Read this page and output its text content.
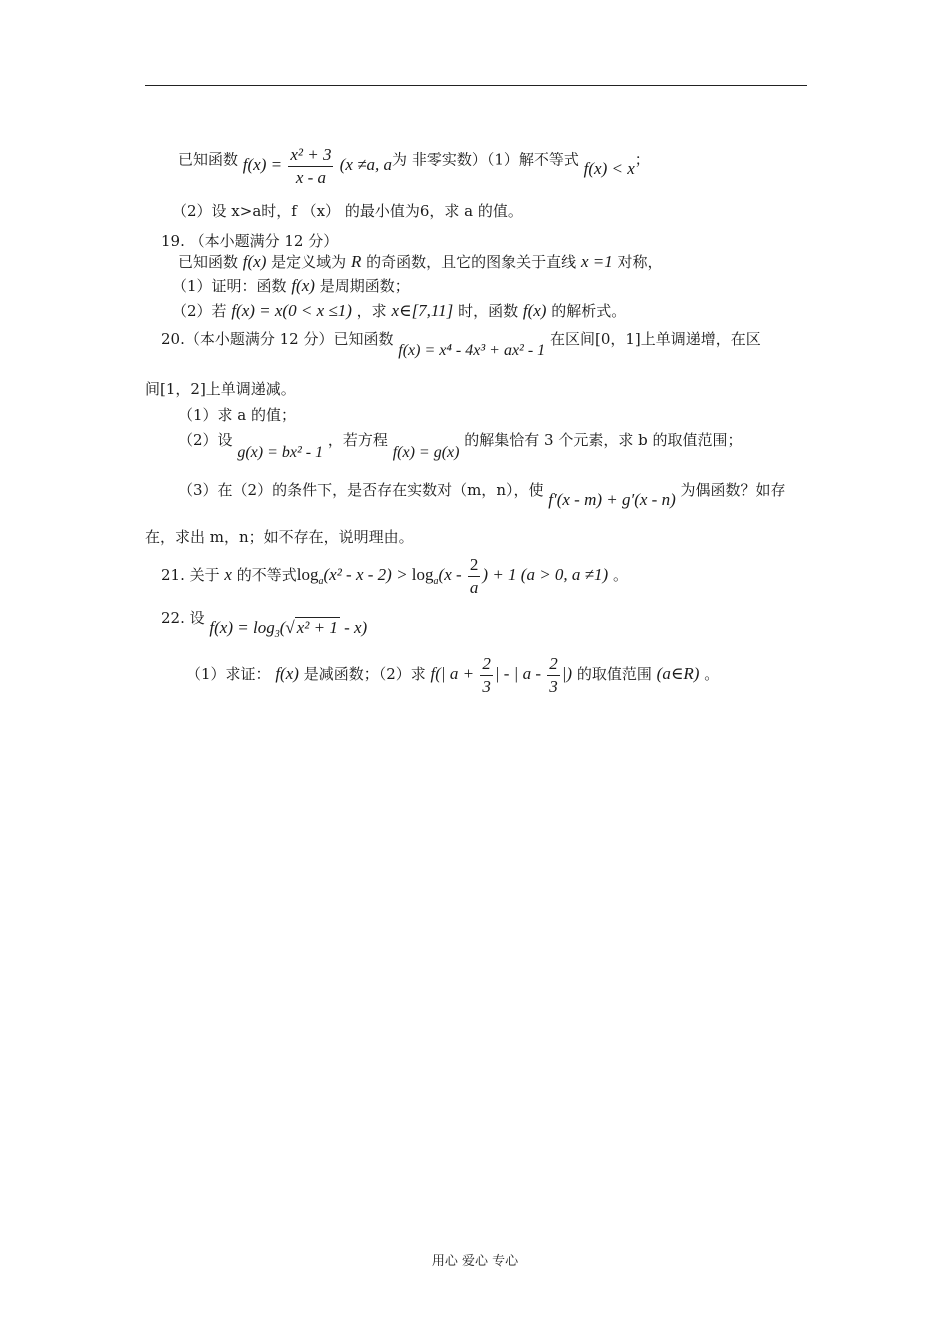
已知函数 $f(x) = \frac{\text{x² + 3}}{x - a} (x \ne a$, a为 非零实数）（1）解不等式 f(x) < x；
（2）设 x>a时，f （x） 的最小值为6，求 a 的值。
19. （本小题满分 12 分）
已知函数 f(x) 是定义域为 R 的奇函数，且它的图象关于直线 x =1 对称，
（1）证明：函数 f(x) 是周期函数；
（2）若 f(x) = x(0 < x ≤1) ，求 x∈[7,11] 时，函数 f(x) 的解析式。
20.（本小题满分 12 分）已知函数 f(x) = x⁴ - 4x³ + ax² - 1 在区间[0，1]上单调递增，在区
间[1，2]上单调递减。
（1）求 a 的值；
（2）设 g(x) = bx² - 1 ，若方程 f(x) = g(x) 的解集恰有 3 个元素，求 b 的取值范围；
（3）在（2）的条件下，是否存在实数对（m，n），使 f′(x - m) + g′(x - n) 为偶函数？如存
在，求出 m，n；如不存在，说明理由。
21. 关于 x 的不等式$\log_a(x^2 - x - 2) > \log_a(x - \frac{2}{a}$ ) + 1 (a > 0, a ≠1) 。
22. 设 $f(x) = \log_3(√$ x² + 1 - x)
（1）求证： f(x) 是减函数；（2）求 f(| $a + \frac{2}{3}$ | - | a - $\frac{2}{3}$ |) 的取值范围 (a∈R) 。
用心 爱心 专心
